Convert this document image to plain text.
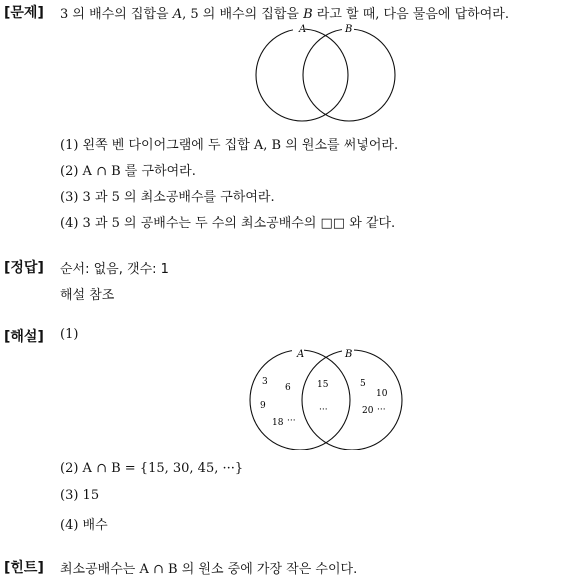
[문제] 3 의 배수의 집합을 A, 5 의 배수의 집합을 B 라고 할 때, 다음 물음에 답하여라.
A	B
(1) 왼쪽 벤 다이어그램에 두 집합 A, B 의 원소를 써넣어라.
(2) A ∩ B 를 구하여라.
(3) 3 과 5 의 최소공배수를 구하여라.
(4) 3 과 5 의 공배수는 두 수의 최소공배수의 □□ 와 같다.
[정답] 순서: 없음, 갯수: 1
해설 참조
[해설] (1)
A	B
3
6
9
18 ···
15
···
5
10
20 ···
(2) A ∩ B = {15, 30, 45, ···}
(3) 15
(4) 배수
[힌트] 최소공배수는 A ∩ B 의 원소 중에 가장 작은 수이다.
